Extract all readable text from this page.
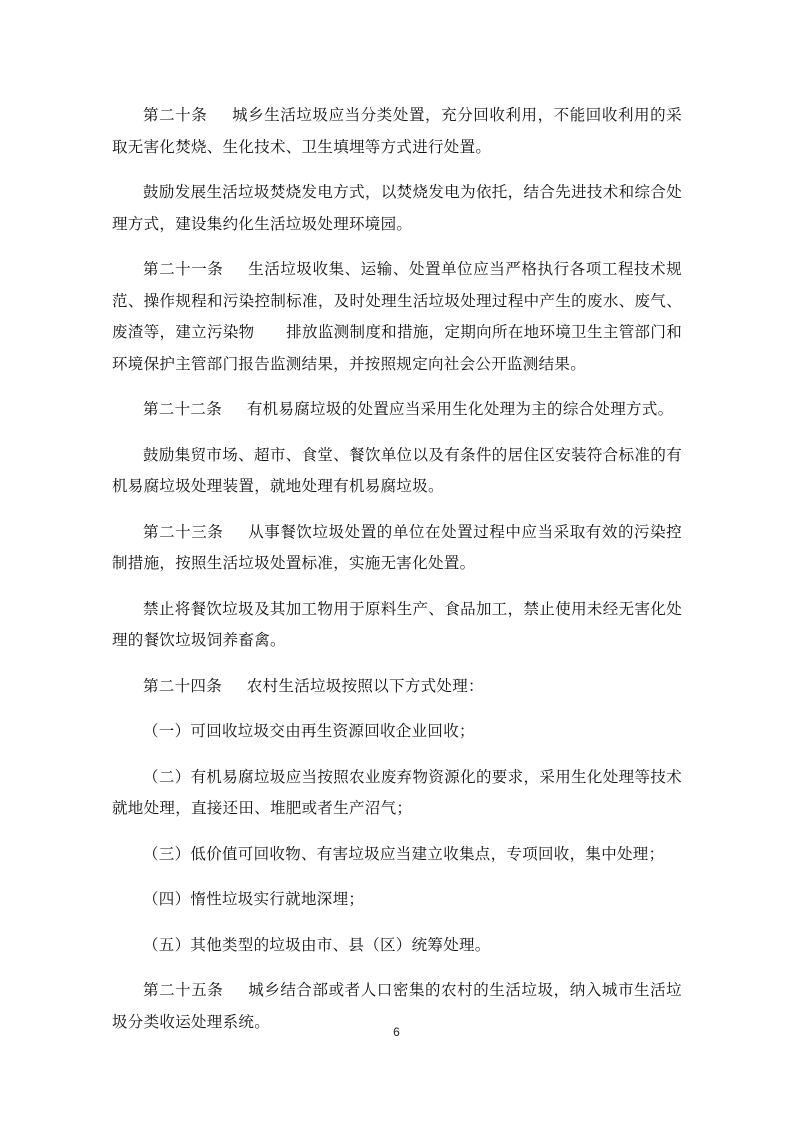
第二十条 城乡生活垃圾应当分类处置，充分回收利用，不能回收利用的采取无害化焚烧、生化技术、卫生填埋等方式进行处置。

鼓励发展生活垃圾焚烧发电方式，以焚烧发电为依托，结合先进技术和综合处理方式，建设集约化生活垃圾处理环境园。

第二十一条 生活垃圾收集、运输、处置单位应当严格执行各项工程技术规范、操作规程和污染控制标准，及时处理生活垃圾处理过程中产生的废水、废气、废渣等，建立污染物　　排放监测制度和措施，定期向所在地环境卫生主管部门和环境保护主管部门报告监测结果，并按照规定向社会公开监测结果。

第二十二条 有机易腐垃圾的处置应当采用生化处理为主的综合处理方式。

鼓励集贸市场、超市、食堂、餐饮单位以及有条件的居住区安装符合标准的有机易腐垃圾处理装置，就地处理有机易腐垃圾。

第二十三条 从事餐饮垃圾处置的单位在处置过程中应当采取有效的污染控制措施，按照生活垃圾处置标准，实施无害化处置。

禁止将餐饮垃圾及其加工物用于原料生产、食品加工，禁止使用未经无害化处理的餐饮垃圾饲养畜禽。

第二十四条 农村生活垃圾按照以下方式处理：

（一）可回收垃圾交由再生资源回收企业回收；

（二）有机易腐垃圾应当按照农业废弃物资源化的要求，采用生化处理等技术就地处理，直接还田、堆肥或者生产沼气；

（三）低价值可回收物、有害垃圾应当建立收集点，专项回收，集中处理；

（四）惰性垃圾实行就地深埋；

（五）其他类型的垃圾由市、县（区）统筹处理。

第二十五条 城乡结合部或者人口密集的农村的生活垃圾，纳入城市生活垃圾分类收运处理系统。

6
